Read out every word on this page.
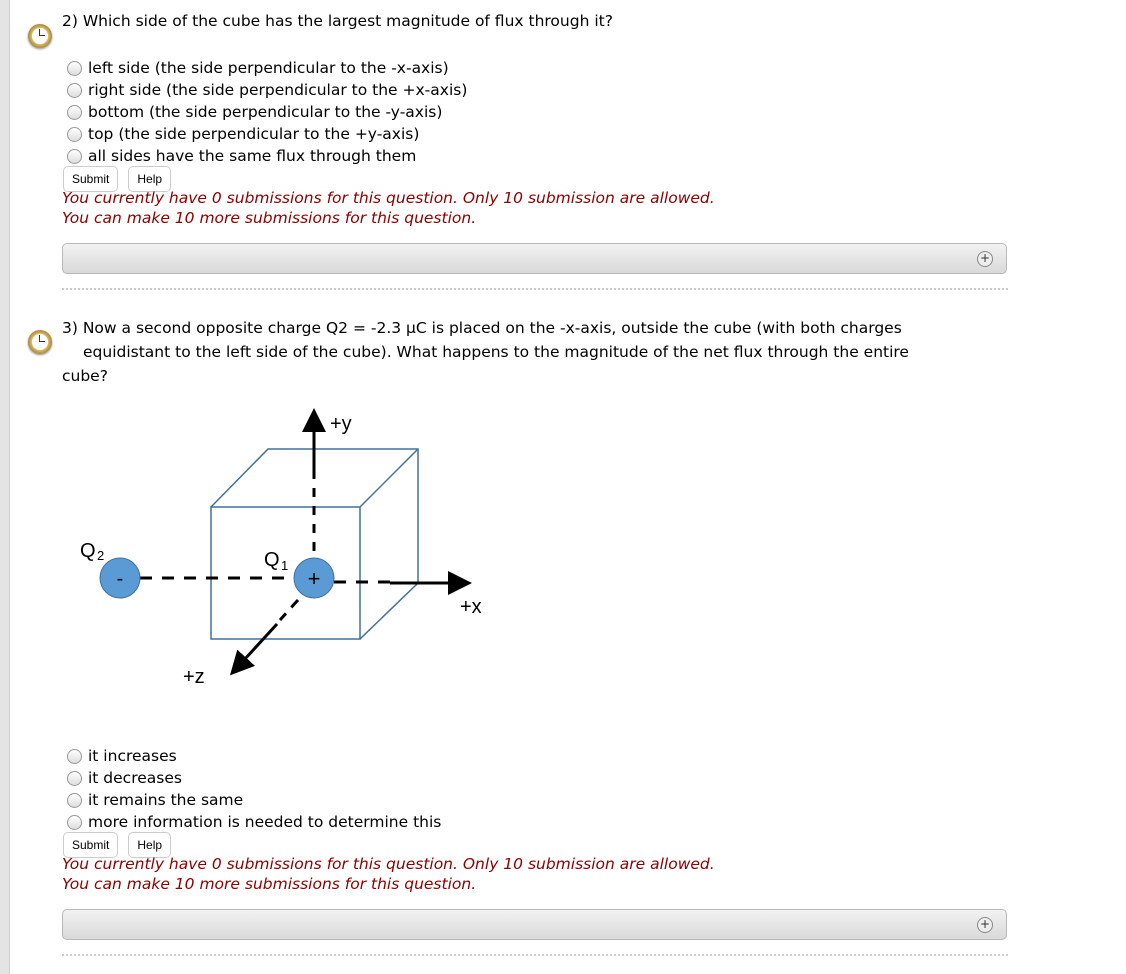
2) Which side of the cube has the largest magnitude of flux through it?
left side (the side perpendicular to the -x-axis)
right side (the side perpendicular to the +x-axis)
bottom (the side perpendicular to the -y-axis)
top (the side perpendicular to the +y-axis)
all sides have the same flux through them
Submit	Help
You currently have 0 submissions for this question. Only 10 submission are allowed.
You can make 10 more submissions for this question.
+
3) Now a second opposite charge Q2 = -2.3 μC is placed on the -x-axis, outside the cube (with both charges
equidistant to the left side of the cube). What happens to the magnitude of the net flux through the entire
cube?
-	+
+y
+x
+z
Q 2	Q 1
it increases
it decreases
it remains the same
more information is needed to determine this
Submit	Help
You currently have 0 submissions for this question. Only 10 submission are allowed.
You can make 10 more submissions for this question.
+
